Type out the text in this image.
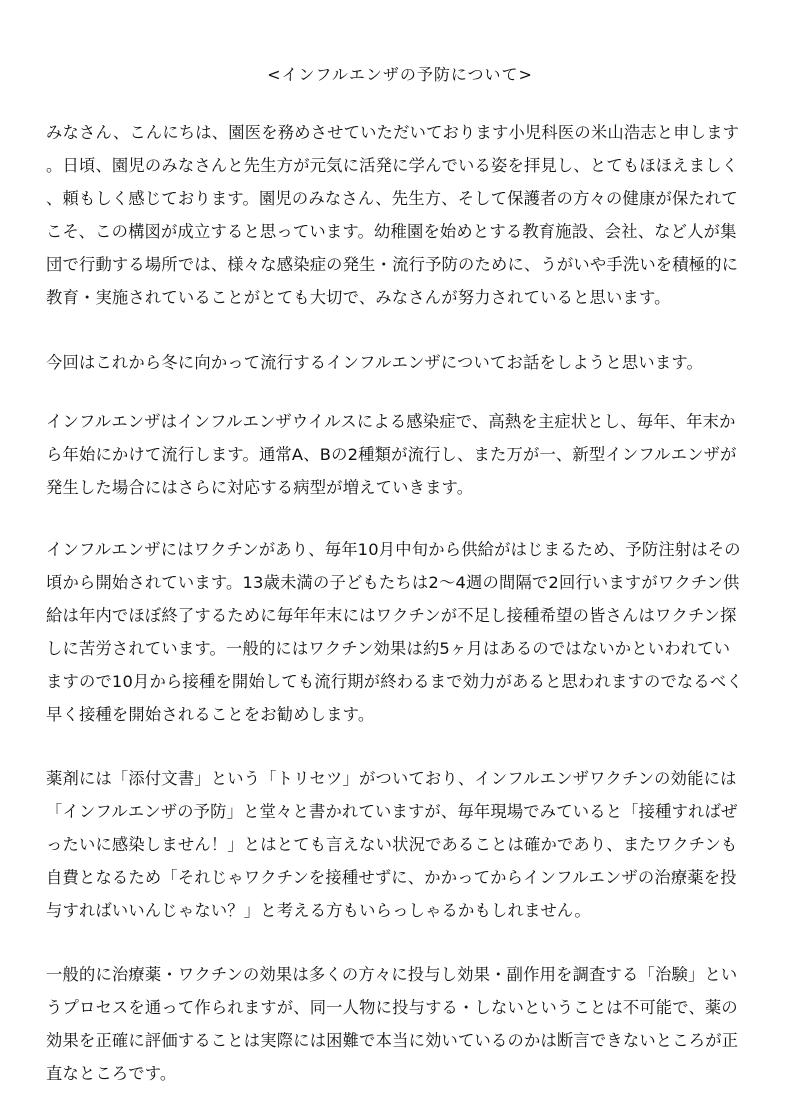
<インフルエンザの予防について>
みなさん、こんにちは、園医を務めさせていただいております小児科医の米山浩志と申します
。日頃、園児のみなさんと先生方が元気に活発に学んでいる姿を拝見し、とてもほほえましく
、頼もしく感じております。園児のみなさん、先生方、そして保護者の方々の健康が保たれて
こそ、この構図が成立すると思っています。幼稚園を始めとする教育施設、会社、など人が集
団で行動する場所では、様々な感染症の発生・流行予防のために、うがいや手洗いを積極的に
教育・実施されていることがとても大切で、みなさんが努力されていると思います。
今回はこれから冬に向かって流行するインフルエンザについてお話をしようと思います。
インフルエンザはインフルエンザウイルスによる感染症で、高熱を主症状とし、毎年、年末か
ら年始にかけて流行します。通常A、Bの2種類が流行し、また万が一、新型インフルエンザが
発生した場合にはさらに対応する病型が増えていきます。
インフルエンザにはワクチンがあり、毎年10月中旬から供給がはじまるため、予防注射はその
頃から開始されています。13歳未満の子どもたちは2～4週の間隔で2回行いますがワクチン供
給は年内でほぼ終了するために毎年年末にはワクチンが不足し接種希望の皆さんはワクチン探
しに苦労されています。一般的にはワクチン効果は約5ヶ月はあるのではないかといわれてい
ますので10月から接種を開始しても流行期が終わるまで効力があると思われますのでなるべく
早く接種を開始されることをお勧めします。
薬剤には「添付文書」という「トリセツ」がついており、インフルエンザワクチンの効能には
「インフルエンザの予防」と堂々と書かれていますが、毎年現場でみていると「接種すればぜ
ったいに感染しません！」とはとても言えない状況であることは確かであり、またワクチンも
自費となるため「それじゃワクチンを接種せずに、かかってからインフルエンザの治療薬を投
与すればいいんじゃない？」と考える方もいらっしゃるかもしれません。
一般的に治療薬・ワクチンの効果は多くの方々に投与し効果・副作用を調査する「治験」とい
うプロセスを通って作られますが、同一人物に投与する・しないということは不可能で、薬の
効果を正確に評価することは実際には困難で本当に効いているのかは断言できないところが正
直なところです。
